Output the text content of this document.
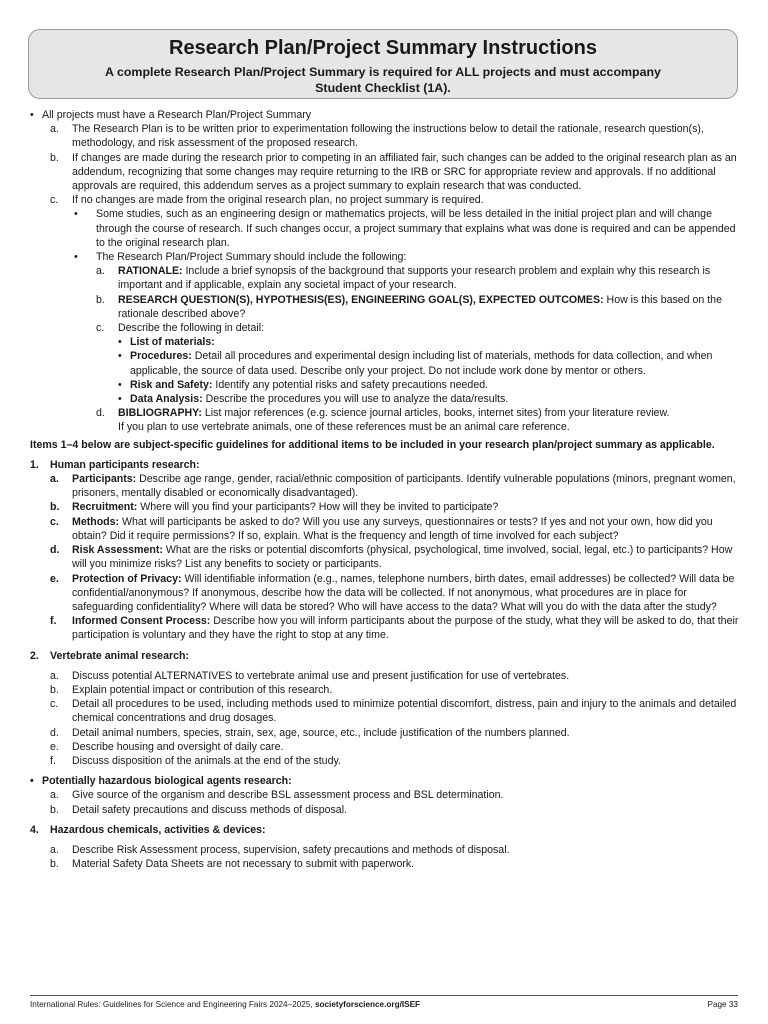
Research Plan/Project Summary Instructions
A complete Research Plan/Project Summary is required for ALL projects and must accompany Student Checklist (1A).
• All projects must have a Research Plan/Project Summary
a. The Research Plan is to be written prior to experimentation following the instructions below to detail the rationale, research question(s), methodology, and risk assessment of the proposed research.
b. If changes are made during the research prior to competing in an affiliated fair, such changes can be added to the original research plan as an addendum, recognizing that some changes may require returning to the IRB or SRC for appropriate review and approvals. If no additional approvals are required, this addendum serves as a project summary to explain research that was conducted.
c. If no changes are made from the original research plan, no project summary is required.
• Some studies, such as an engineering design or mathematics projects, will be less detailed in the initial project plan and will change through the course of research. If such changes occur, a project summary that explains what was done is required and can be appended to the original research plan.
• The Research Plan/Project Summary should include the following:
a. RATIONALE: Include a brief synopsis of the background that supports your research problem and explain why this research is important and if applicable, explain any societal impact of your research.
b. RESEARCH QUESTION(S), HYPOTHESIS(ES), ENGINEERING GOAL(S), EXPECTED OUTCOMES: How is this based on the rationale described above?
c. Describe the following in detail:
• List of materials:
• Procedures: Detail all procedures and experimental design including list of materials, methods for data collection, and when applicable, the source of data used. Describe only your project. Do not include work done by mentor or others.
• Risk and Safety: Identify any potential risks and safety precautions needed.
• Data Analysis: Describe the procedures you will use to analyze the data/results.
d. BIBLIOGRAPHY: List major references (e.g. science journal articles, books, internet sites) from your literature review.
If you plan to use vertebrate animals, one of these references must be an animal care reference.
Items 1–4 below are subject-specific guidelines for additional items to be included in your research plan/project summary as applicable.
1. Human participants research:
a. Participants: Describe age range, gender, racial/ethnic composition of participants. Identify vulnerable populations (minors, pregnant women, prisoners, mentally disabled or economically disadvantaged).
b. Recruitment: Where will you find your participants? How will they be invited to participate?
c. Methods: What will participants be asked to do? Will you use any surveys, questionnaires or tests? If yes and not your own, how did you obtain? Did it require permissions? If so, explain. What is the frequency and length of time involved for each subject?
d. Risk Assessment: What are the risks or potential discomforts (physical, psychological, time involved, social, legal, etc.) to participants? How will you minimize risks? List any benefits to society or participants.
e. Protection of Privacy: Will identifiable information (e.g., names, telephone numbers, birth dates, email addresses) be collected? Will data be confidential/anonymous? If anonymous, describe how the data will be collected. If not anonymous, what procedures are in place for safeguarding confidentiality? Where will data be stored? Who will have access to the data? What will you do with the data after the study?
f. Informed Consent Process: Describe how you will inform participants about the purpose of the study, what they will be asked to do, that their participation is voluntary and they have the right to stop at any time.
2. Vertebrate animal research:
a. Discuss potential ALTERNATIVES to vertebrate animal use and present justification for use of vertebrates.
b. Explain potential impact or contribution of this research.
c. Detail all procedures to be used, including methods used to minimize potential discomfort, distress, pain and injury to the animals and detailed chemical concentrations and drug dosages.
d. Detail animal numbers, species, strain, sex, age, source, etc., include justification of the numbers planned.
e. Describe housing and oversight of daily care.
f. Discuss disposition of the animals at the end of the study.
• Potentially hazardous biological agents research:
a. Give source of the organism and describe BSL assessment process and BSL determination.
b. Detail safety precautions and discuss methods of disposal.
4. Hazardous chemicals, activities & devices:
a. Describe Risk Assessment process, supervision, safety precautions and methods of disposal.
b. Material Safety Data Sheets are not necessary to submit with paperwork.
International Rules: Guidelines for Science and Engineering Fairs 2024–2025, societyforscience.org/ISEF	Page 33
